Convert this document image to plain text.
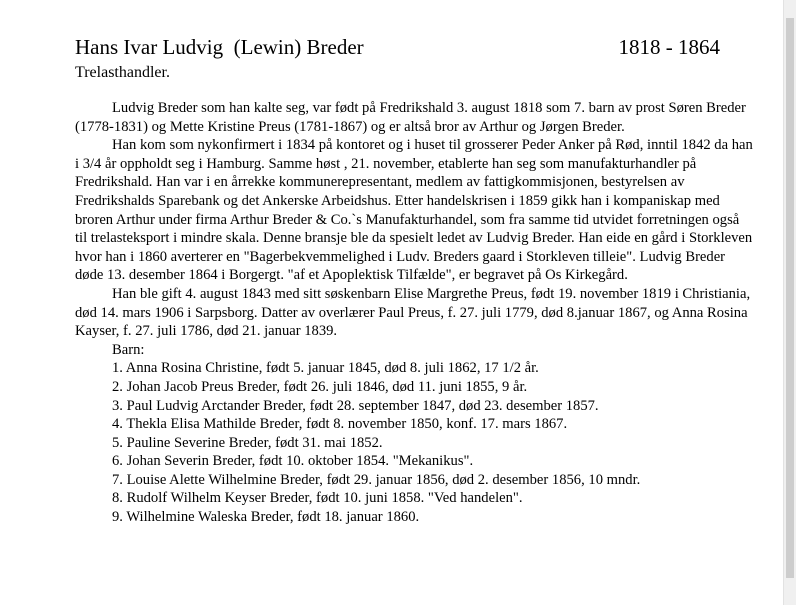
Hans Ivar Ludvig  (Lewin) Breder	1818 - 1864
Trelasthandler.

Ludvig Breder som han kalte seg, var født på Fredrikshald 3. august 1818 som 7. barn av prost Søren Breder (1778-1831) og Mette Kristine Preus (1781-1867) og er altså bror av Arthur og Jørgen Breder.

Han kom som nykonfirmert i 1834 på kontoret og i huset til grosserer Peder Anker på Rød, inntil 1842 da han i 3/4 år oppholdt seg i Hamburg. Samme høst , 21. november, etablerte han seg som manufakturhandler på Fredrikshald. Han var i en årrekke kommunerepresentant, medlem av fattigkommisjonen, bestyrelsen av Fredrikshalds Sparebank og det Ankerske Arbeidshus. Etter handelskrisen i 1859 gikk han i kompaniskap med broren Arthur under firma Arthur Breder & Co.`s Manufakturhandel, som fra samme tid utvidet forretningen også til trelasteksport i mindre skala. Denne bransje ble da spesielt ledet av Ludvig Breder. Han eide en gård i Storkleven hvor han i 1860 averterer en "Bagerbekvemmelighed i Ludv. Breders gaard i Storkleven tilleie". Ludvig Breder døde 13. desember 1864 i Borgergt. "af et Apoplektisk Tilfælde", er begravet på Os Kirkegård.

Han ble gift 4. august 1843 med sitt søskenbarn Elise Margrethe Preus, født 19. november 1819 i Christiania, død 14. mars 1906 i Sarpsborg. Datter av overlærer Paul Preus, f. 27. juli 1779, død 8.januar 1867, og Anna Rosina Kayser, f. 27. juli 1786, død 21. januar 1839.

Barn:

1. Anna Rosina Christine, født 5. januar 1845, død 8. juli 1862, 17 1/2 år.
2. Johan Jacob Preus Breder, født 26. juli 1846, død 11. juni 1855, 9 år.
3. Paul Ludvig Arctander Breder, født 28. september 1847, død 23. desember 1857.
4. Thekla Elisa Mathilde Breder, født 8. november 1850, konf. 17. mars 1867.
5. Pauline Severine Breder, født 31. mai 1852.
6. Johan Severin Breder, født 10. oktober 1854. "Mekanikus".
7. Louise Alette Wilhelmine Breder, født 29. januar 1856, død 2. desember 1856, 10 mndr.
8. Rudolf Wilhelm Keyser Breder, født 10. juni 1858. "Ved handelen".
9. Wilhelmine Waleska Breder, født 18. januar 1860.
